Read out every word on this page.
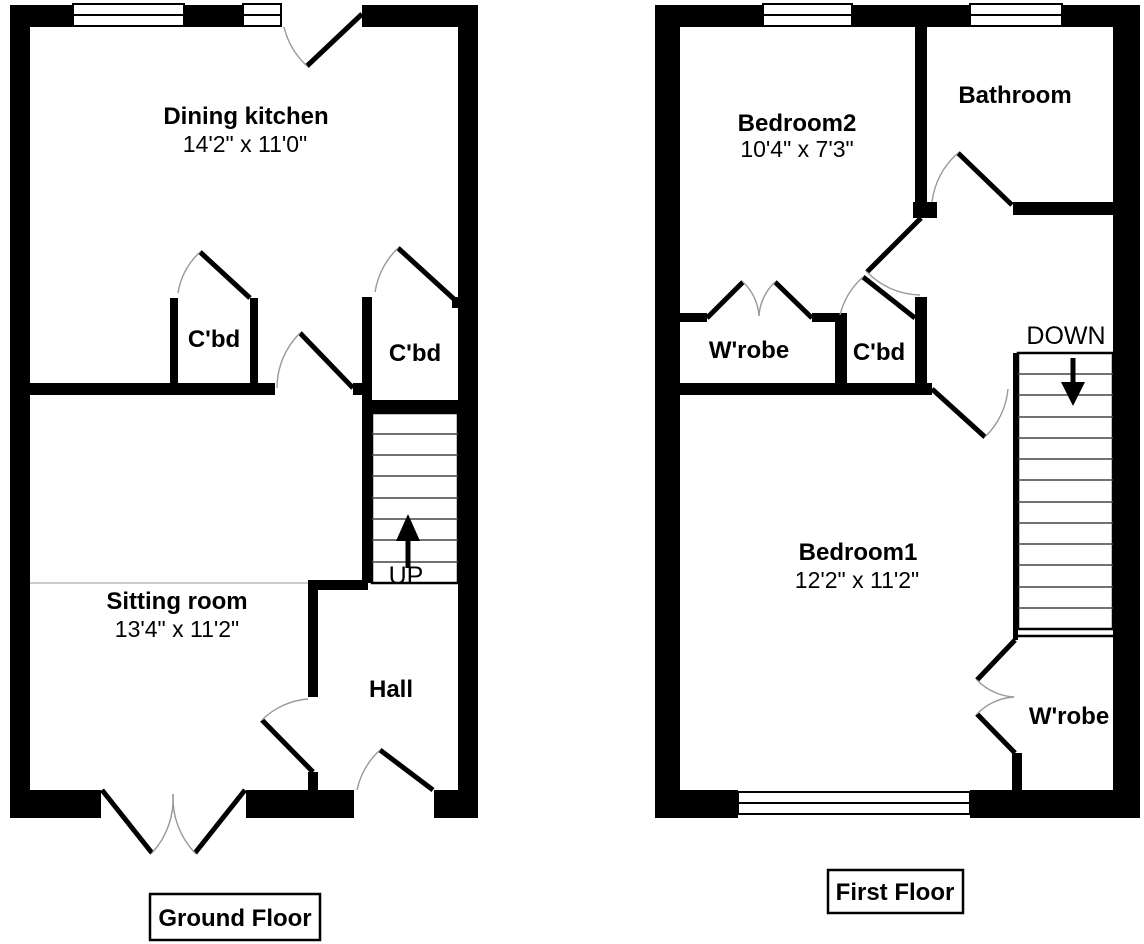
Dining kitchen
14'2" x 11'0"
C'bd
C'bd
Sitting room
13'4" x 11'2"
Hall
UP
Ground Floor
Bedroom2
10'4" x 7'3"
Bathroom
W'robe	C'bd
DOWN
Bedroom1
12'2" x 11'2"
W'robe
First Floor
